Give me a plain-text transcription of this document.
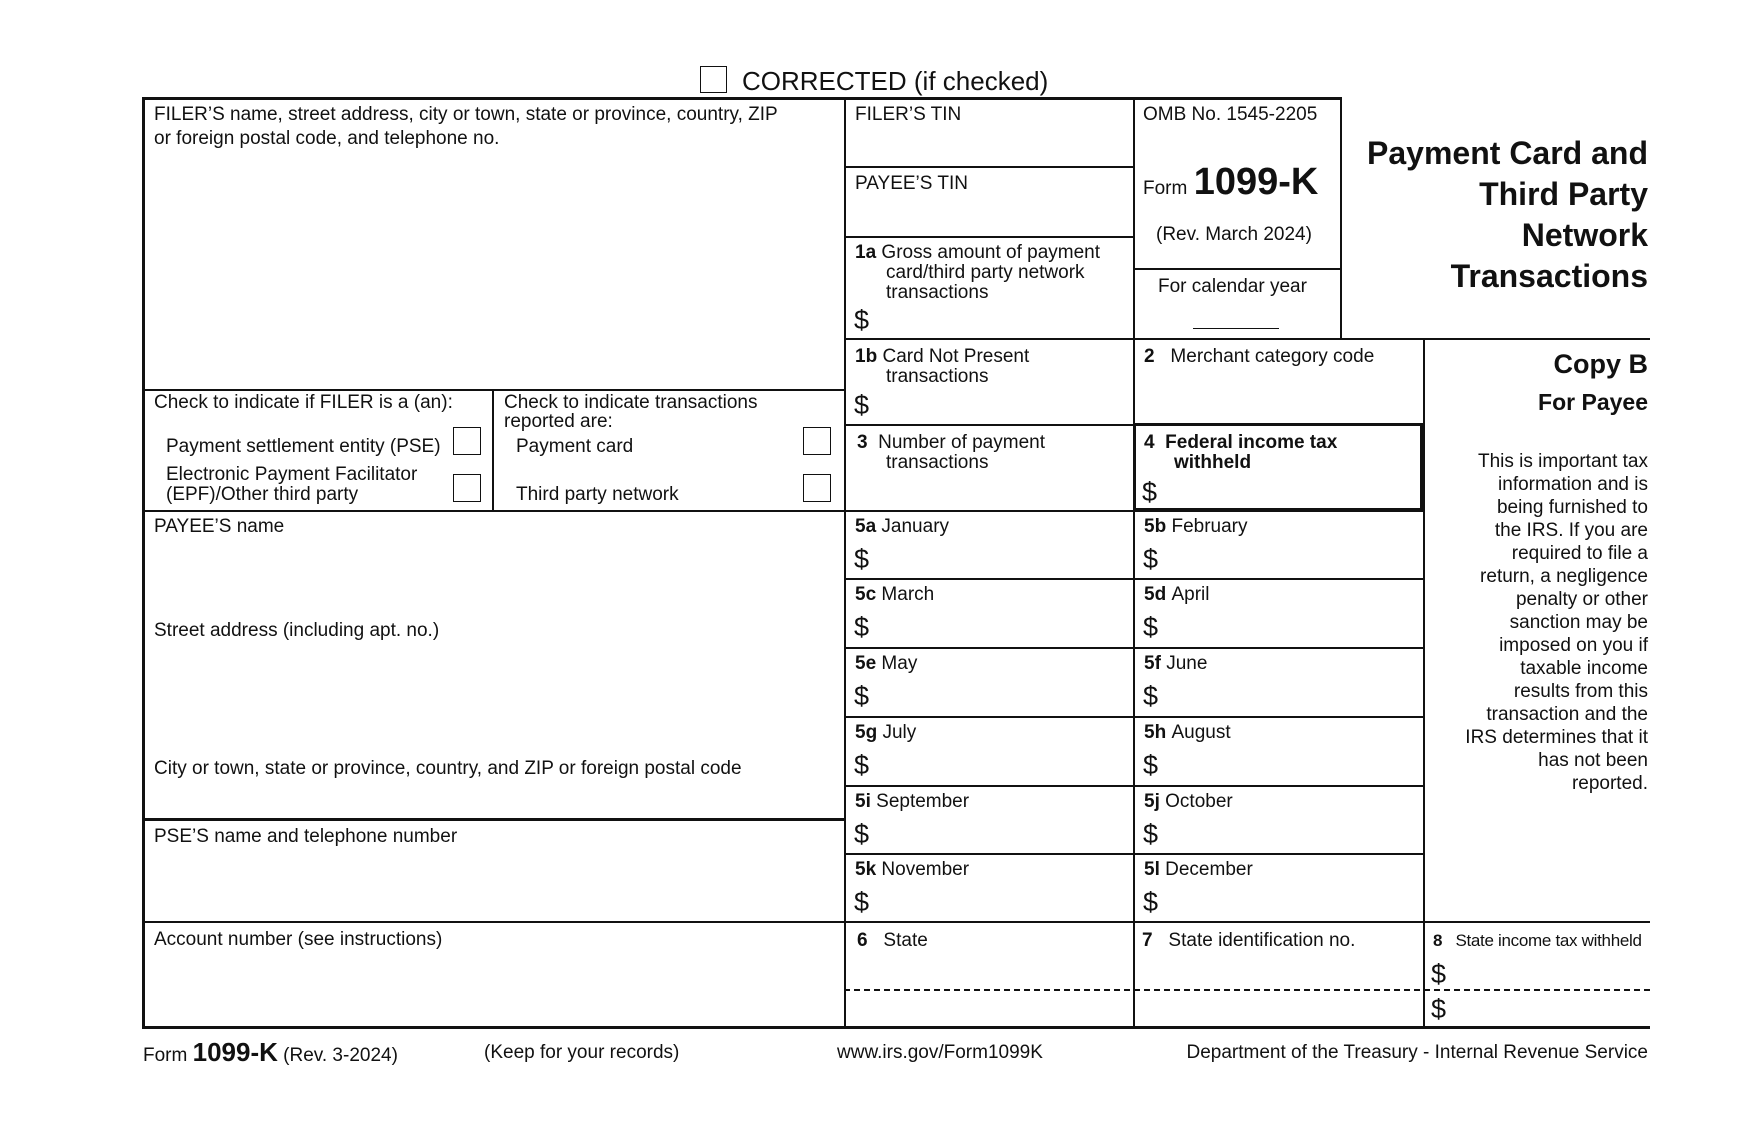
CORRECTED (if checked)
FILER’S name, street address, city or town, state or province, country, ZIP
or foreign postal code, and telephone no.
Check to indicate if FILER is a (an):
Payment settlement entity (PSE)
Electronic Payment Facilitator
(EPF)/Other third party
Check to indicate transactions
reported are:
Payment card
Third party network
PAYEE’S name
Street address (including apt. no.)
City or town, state or province, country, and ZIP or foreign postal code
PSE’S name and telephone number
Account number (see instructions)
FILER’S TIN
PAYEE’S TIN
1a Gross amount of payment
card/third party network
transactions
$
1b Card Not Present
transactions
$
3 Number of payment
transactions
OMB No. 1545-2205
Form 1099-K
(Rev. March 2024)
For calendar year
2 Merchant category code
4 Federal income tax
withheld
$
5a January
$
5b February
$
5c March
$
5d April
$
5e May
$
5f June
$
5g July
$
5h August
$
5i September
$
5j October
$
5k November
$
5l December
$
6 State	7 State identification no.	8 State income tax withheld
$
$
Payment Card and
Third Party
Network
Transactions
Copy B
For Payee
This is important tax
information and is
being furnished to
the IRS. If you are
required to file a
return, a negligence
penalty or other
sanction may be
imposed on you if
taxable income
results from this
transaction and the
IRS determines that it
has not been
reported.
Form 1099-K (Rev. 3-2024)	(Keep for your records)	www.irs.gov/Form1099K	Department of the Treasury - Internal Revenue Service
